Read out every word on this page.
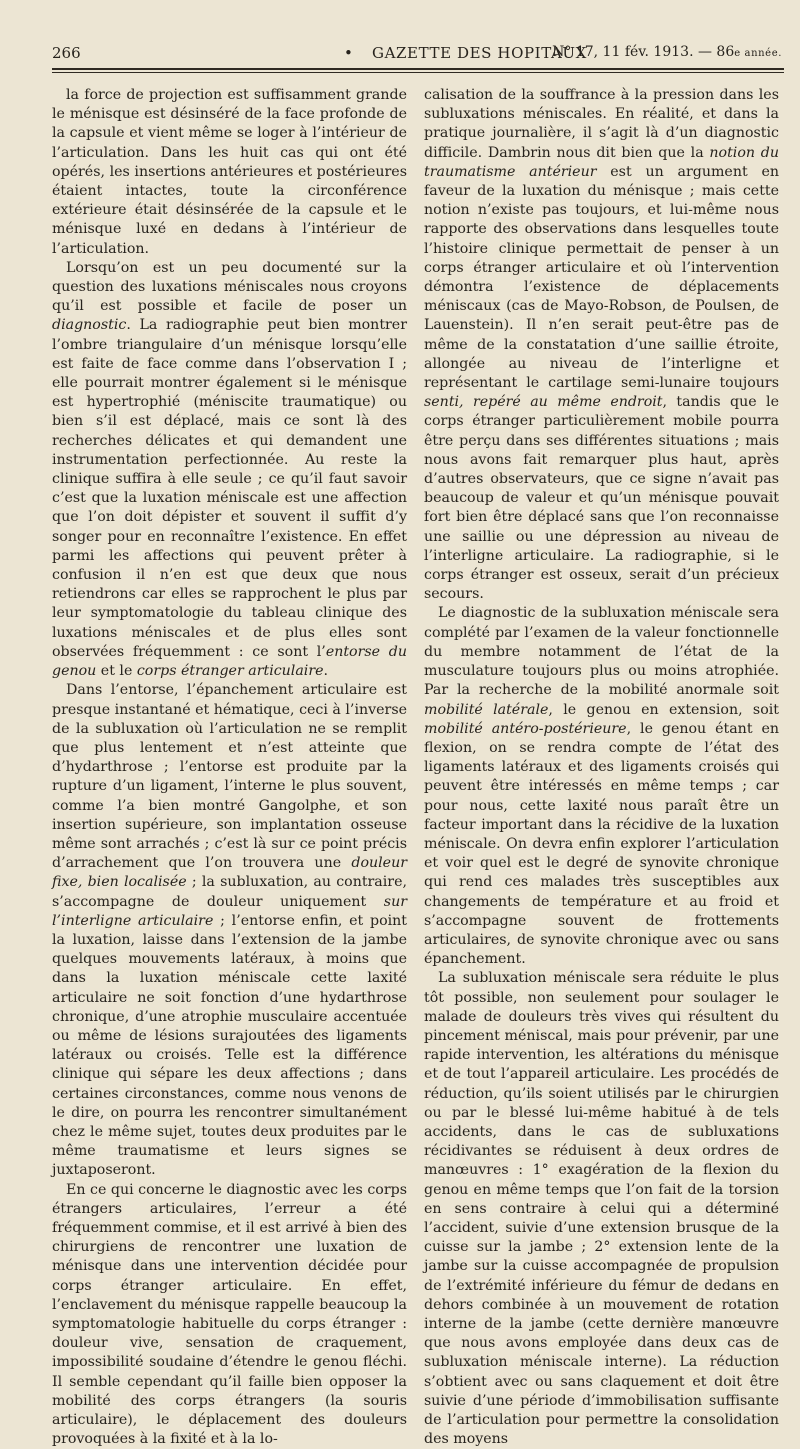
266	• GAZETTE DES HOPITAUX
N° 17, 11 fév. 1913. — 86e année.

la force de projection est suffisamment grande le ménisque est désinséré de la face profonde de la capsule et vient même se loger à l’intérieur de l’articulation. Dans les huit cas qui ont été opérés, les insertions antérieures et postérieures étaient intactes, toute la circonférence extérieure était désinsérée de la capsule et le ménisque luxé en dedans à l’intérieur de l’articulation.

Lorsqu’on est un peu documenté sur la question des luxations méniscales nous croyons qu’il est possible et facile de poser un diagnostic. La radiographie peut bien montrer l’ombre triangulaire d’un ménisque lorsqu’elle est faite de face comme dans l’observation I ; elle pourrait montrer également si le ménisque est hypertrophié (méniscite traumatique) ou bien s’il est déplacé, mais ce sont là des recherches délicates et qui demandent une instrumentation perfectionnée. Au reste la clinique suffira à elle seule ; ce qu’il faut savoir c’est que la luxation méniscale est une affection que l’on doit dépister et souvent il suffit d’y songer pour en reconnaître l’existence. En effet parmi les affections qui peuvent prêter à confusion il n’en est que deux que nous retiendrons car elles se rapprochent le plus par leur symptomatologie du tableau clinique des luxations méniscales et de plus elles sont observées fréquemment : ce sont l’entorse du genou et le corps étranger articulaire.

Dans l’entorse, l’épanchement articulaire est presque instantané et hématique, ceci à l’inverse de la subluxation où l’articulation ne se remplit que plus lentement et n’est atteinte que d’hydarthrose ; l’entorse est produite par la rupture d’un ligament, l’interne le plus souvent, comme l’a bien montré Gangolphe, et son insertion supérieure, son implantation osseuse même sont arrachés ; c’est là sur ce point précis d’arrachement que l’on trouvera une douleur fixe, bien localisée ; la subluxation, au contraire, s’accompagne de douleur uniquement sur l’interligne articulaire ; l’entorse enfin, et point la luxation, laisse dans l’extension de la jambe quelques mouvements latéraux, à moins que dans la luxation méniscale cette laxité articulaire ne soit fonction d’une hydarthrose chronique, d’une atrophie musculaire accentuée ou même de lésions surajoutées des ligaments latéraux ou croisés. Telle est la différence clinique qui sépare les deux affections ; dans certaines circonstances, comme nous venons de le dire, on pourra les rencontrer simultanément chez le même sujet, toutes deux produites par le même traumatisme et leurs signes se juxtaposeront.

En ce qui concerne le diagnostic avec les corps étrangers articulaires, l’erreur a été fréquemment commise, et il est arrivé à bien des chirurgiens de rencontrer une luxation de ménisque dans une intervention décidée pour corps étranger articulaire. En effet, l’enclavement du ménisque rappelle beaucoup la symptomatologie habituelle du corps étranger : douleur vive, sensation de craquement, impossibilité soudaine d’étendre le genou fléchi. Il semble cependant qu’il faille bien opposer la mobilité des corps étrangers (la souris articulaire), le déplacement des douleurs provoquées à la fixité et à la lo-

calisation de la souffrance à la pression dans les subluxations méniscales. En réalité, et dans la pratique journalière, il s’agit là d’un diagnostic difficile. Dambrin nous dit bien que la notion du traumatisme antérieur est un argument en faveur de la luxation du ménisque ; mais cette notion n’existe pas toujours, et lui-même nous rapporte des observations dans lesquelles toute l’histoire clinique permettait de penser à un corps étranger articulaire et où l’intervention démontra l’existence de déplacements méniscaux (cas de Mayo-Robson, de Poulsen, de Lauenstein). Il n’en serait peut-être pas de même de la constatation d’une saillie étroite, allongée au niveau de l’interligne et représentant le cartilage semi-lunaire toujours senti, repéré au même endroit, tandis que le corps étranger particulièrement mobile pourra être perçu dans ses différentes situations ; mais nous avons fait remarquer plus haut, après d’autres observateurs, que ce signe n’avait pas beaucoup de valeur et qu’un ménisque pouvait fort bien être déplacé sans que l’on reconnaisse une saillie ou une dépression au niveau de l’interligne articulaire. La radiographie, si le corps étranger est osseux, serait d’un précieux secours.

Le diagnostic de la subluxation méniscale sera complété par l’examen de la valeur fonctionnelle du membre notamment de l’état de la musculature toujours plus ou moins atrophiée. Par la recherche de la mobilité anormale soit mobilité latérale, le genou en extension, soit mobilité antéro-postérieure, le genou étant en flexion, on se rendra compte de l’état des ligaments latéraux et des ligaments croisés qui peuvent être intéressés en même temps ; car pour nous, cette laxité nous paraît être un facteur important dans la récidive de la luxation méniscale. On devra enfin explorer l’articulation et voir quel est le degré de synovite chronique qui rend ces malades très susceptibles aux changements de température et au froid et s’accompagne souvent de frottements articulaires, de synovite chronique avec ou sans épanchement.

La subluxation méniscale sera réduite le plus tôt possible, non seulement pour soulager le malade de douleurs très vives qui résultent du pincement méniscal, mais pour prévenir, par une rapide intervention, les altérations du ménisque et de tout l’appareil articulaire. Les procédés de réduction, qu’ils soient utilisés par le chirurgien ou par le blessé lui-même habitué à de tels accidents, dans le cas de subluxations récidivantes se réduisent à deux ordres de manœuvres : 1° exagération de la flexion du genou en même temps que l’on fait de la torsion en sens contraire à celui qui a déterminé l’accident, suivie d’une extension brusque de la cuisse sur la jambe ; 2° extension lente de la jambe sur la cuisse accompagnée de propulsion de l’extrémité inférieure du fémur de dedans en dehors combinée à un mouvement de rotation interne de la jambe (cette dernière manœuvre que nous avons employée dans deux cas de subluxation méniscale interne). La réduction s’obtient avec ou sans claquement et doit être suivie d’une période d’immobilisation suffisante de l’articulation pour permettre la consolidation des moyens
